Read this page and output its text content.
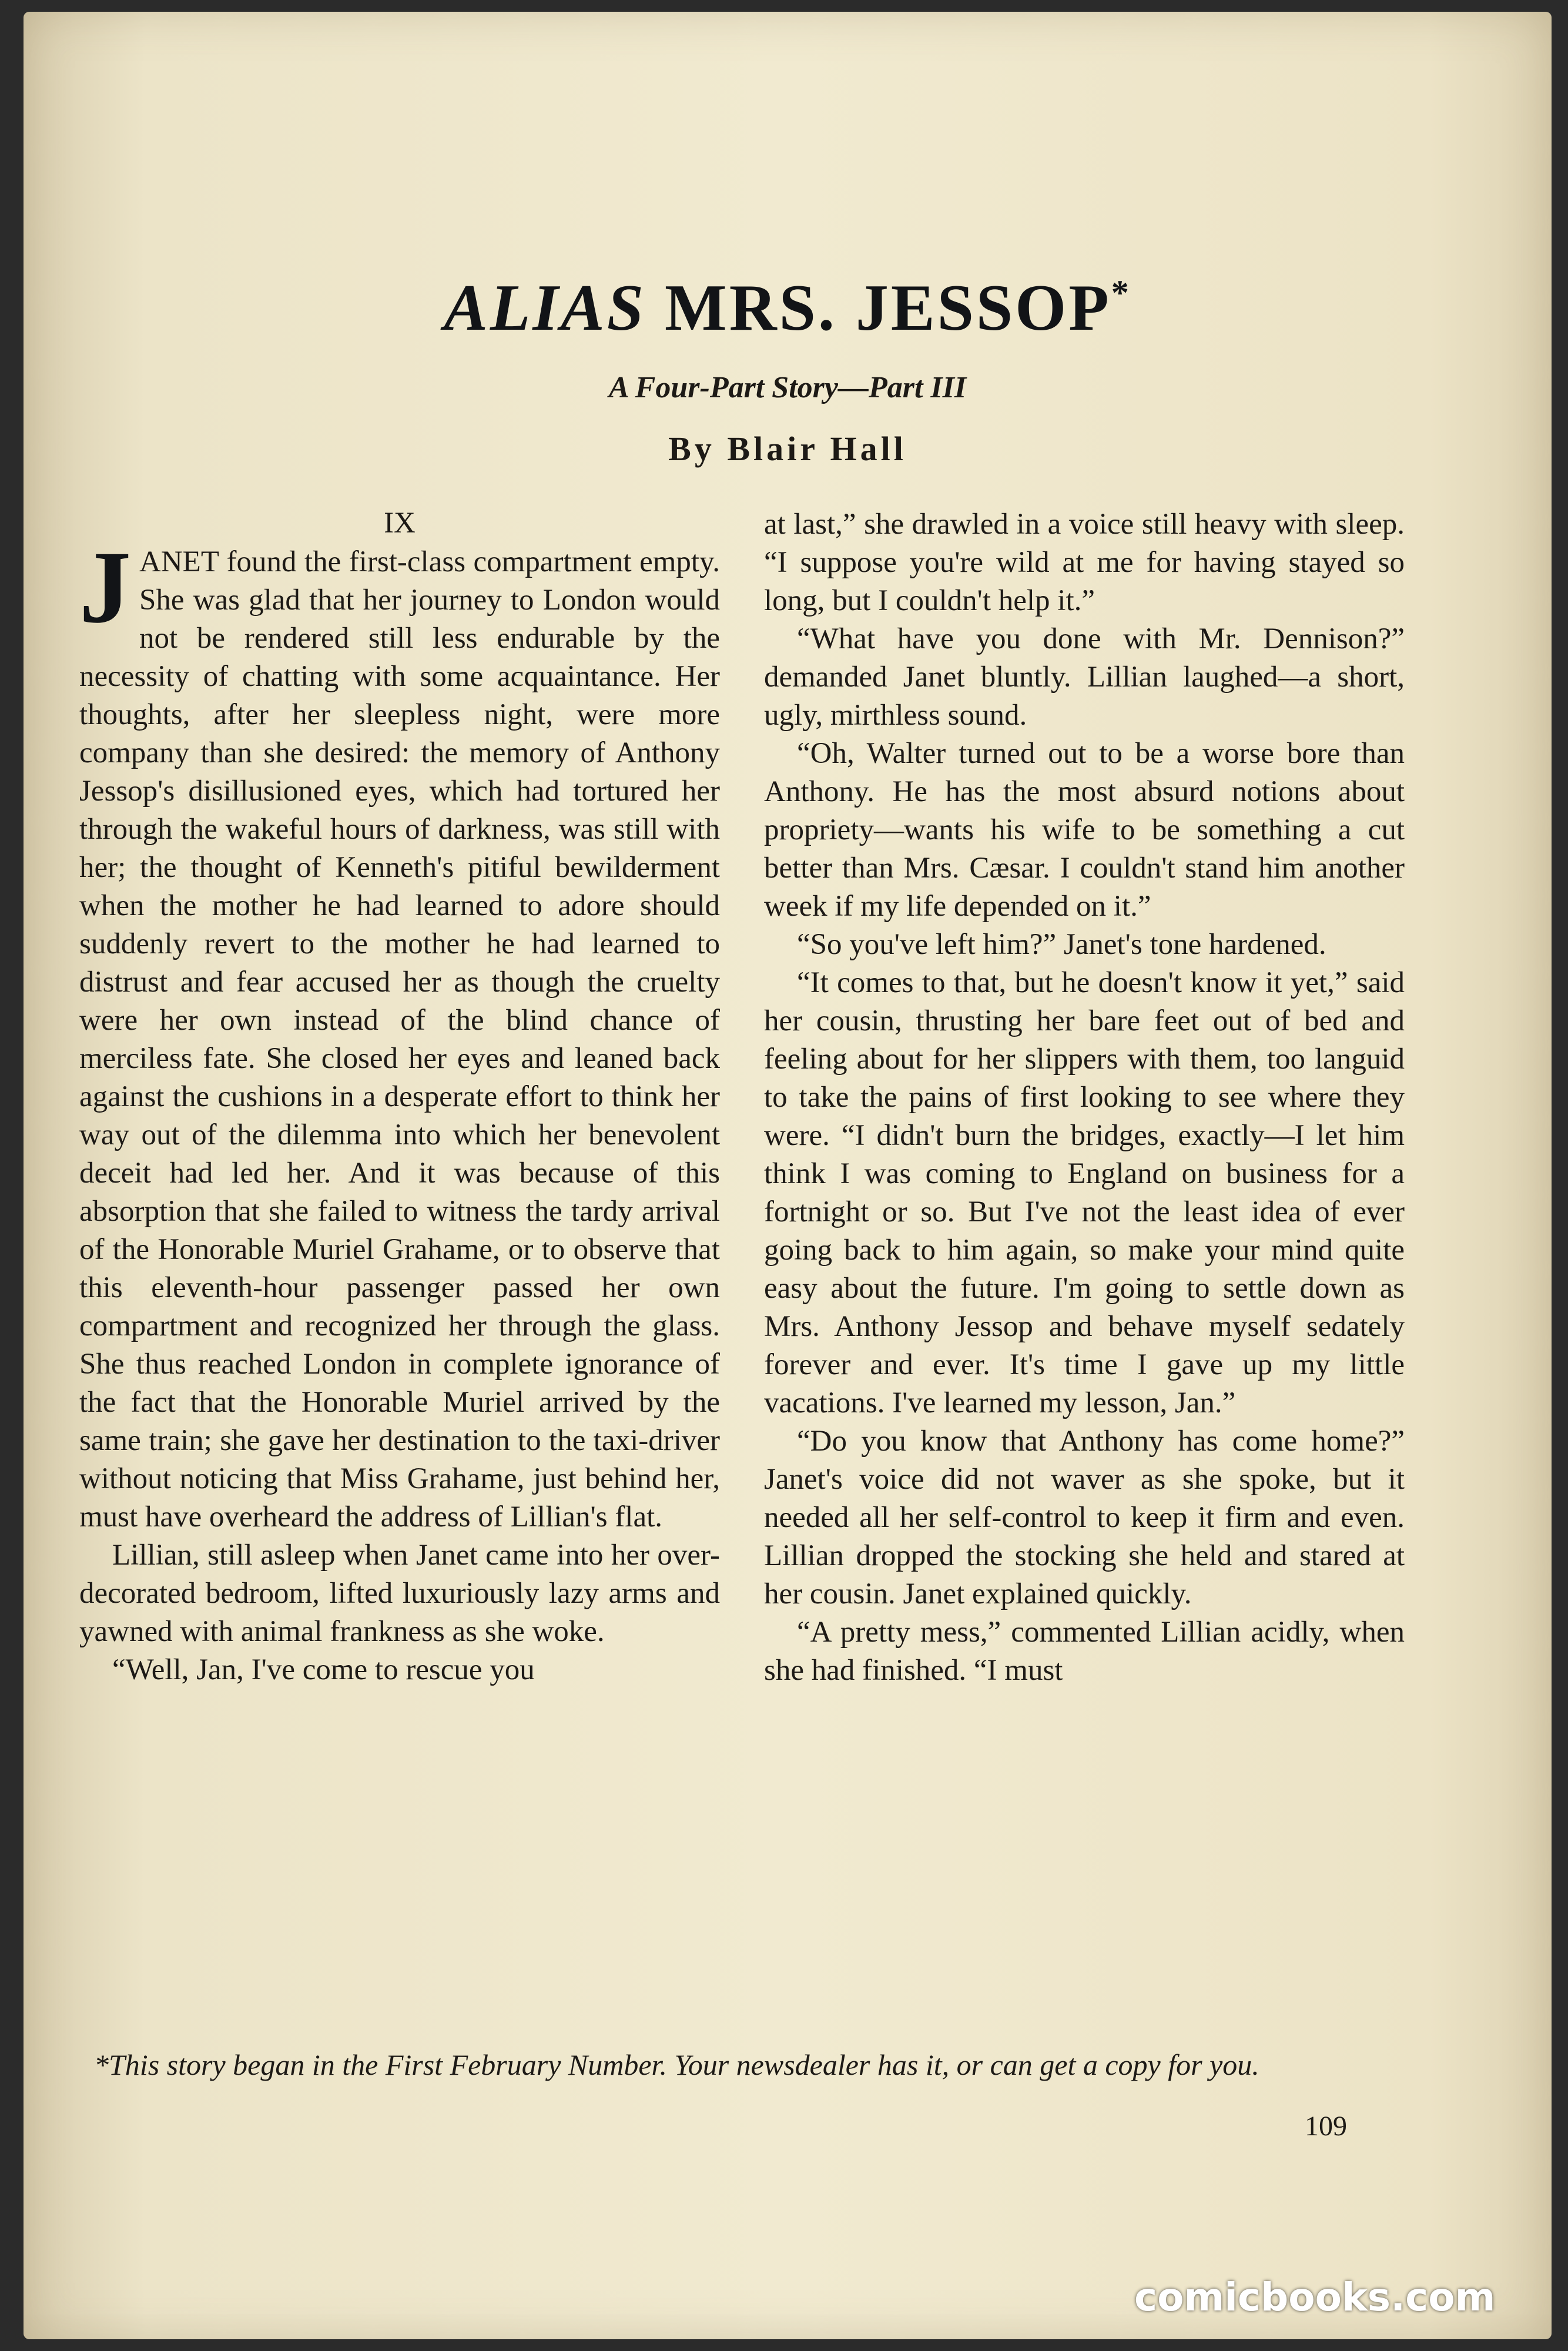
ALIAS MRS. JESSOP*
A Four-Part Story—Part III
By Blair Hall
IX

JANET found the first-class compartment empty. She was glad that her journey to London would not be rendered still less endurable by the necessity of chatting with some acquaintance. Her thoughts, after her sleepless night, were more company than she desired: the memory of Anthony Jessop's disillusioned eyes, which had tortured her through the wakeful hours of darkness, was still with her; the thought of Kenneth's pitiful bewilderment when the mother he had learned to adore should suddenly revert to the mother he had learned to distrust and fear accused her as though the cruelty were her own instead of the blind chance of merciless fate. She closed her eyes and leaned back against the cushions in a desperate effort to think her way out of the dilemma into which her benevolent deceit had led her. And it was because of this absorption that she failed to witness the tardy arrival of the Honorable Muriel Grahame, or to observe that this eleventh-hour passenger passed her own compartment and recognized her through the glass. She thus reached London in complete ignorance of the fact that the Honorable Muriel arrived by the same train; she gave her destination to the taxi-driver without noticing that Miss Grahame, just behind her, must have overheard the address of Lillian's flat.

Lillian, still asleep when Janet came into her over-decorated bedroom, lifted luxuriously lazy arms and yawned with animal frankness as she woke.

“Well, Jan, I've come to rescue you

at last,” she drawled in a voice still heavy with sleep. “I suppose you're wild at me for having stayed so long, but I couldn't help it.”

“What have you done with Mr. Dennison?” demanded Janet bluntly. Lillian laughed—a short, ugly, mirthless sound.

“Oh, Walter turned out to be a worse bore than Anthony. He has the most absurd notions about propriety—wants his wife to be something a cut better than Mrs. Cæsar. I couldn't stand him another week if my life depended on it.”

“So you've left him?” Janet's tone hardened.

“It comes to that, but he doesn't know it yet,” said her cousin, thrusting her bare feet out of bed and feeling about for her slippers with them, too languid to take the pains of first looking to see where they were. “I didn't burn the bridges, exactly—I let him think I was coming to England on business for a fortnight or so. But I've not the least idea of ever going back to him again, so make your mind quite easy about the future. I'm going to settle down as Mrs. Anthony Jessop and behave myself sedately forever and ever. It's time I gave up my little vacations. I've learned my lesson, Jan.”

“Do you know that Anthony has come home?” Janet's voice did not waver as she spoke, but it needed all her self-control to keep it firm and even. Lillian dropped the stocking she held and stared at her cousin. Janet explained quickly.

“A pretty mess,” commented Lillian acidly, when she had finished. “I must

*This story began in the First February Number. Your newsdealer has it, or can get a copy for you.
109
comicbooks.com
